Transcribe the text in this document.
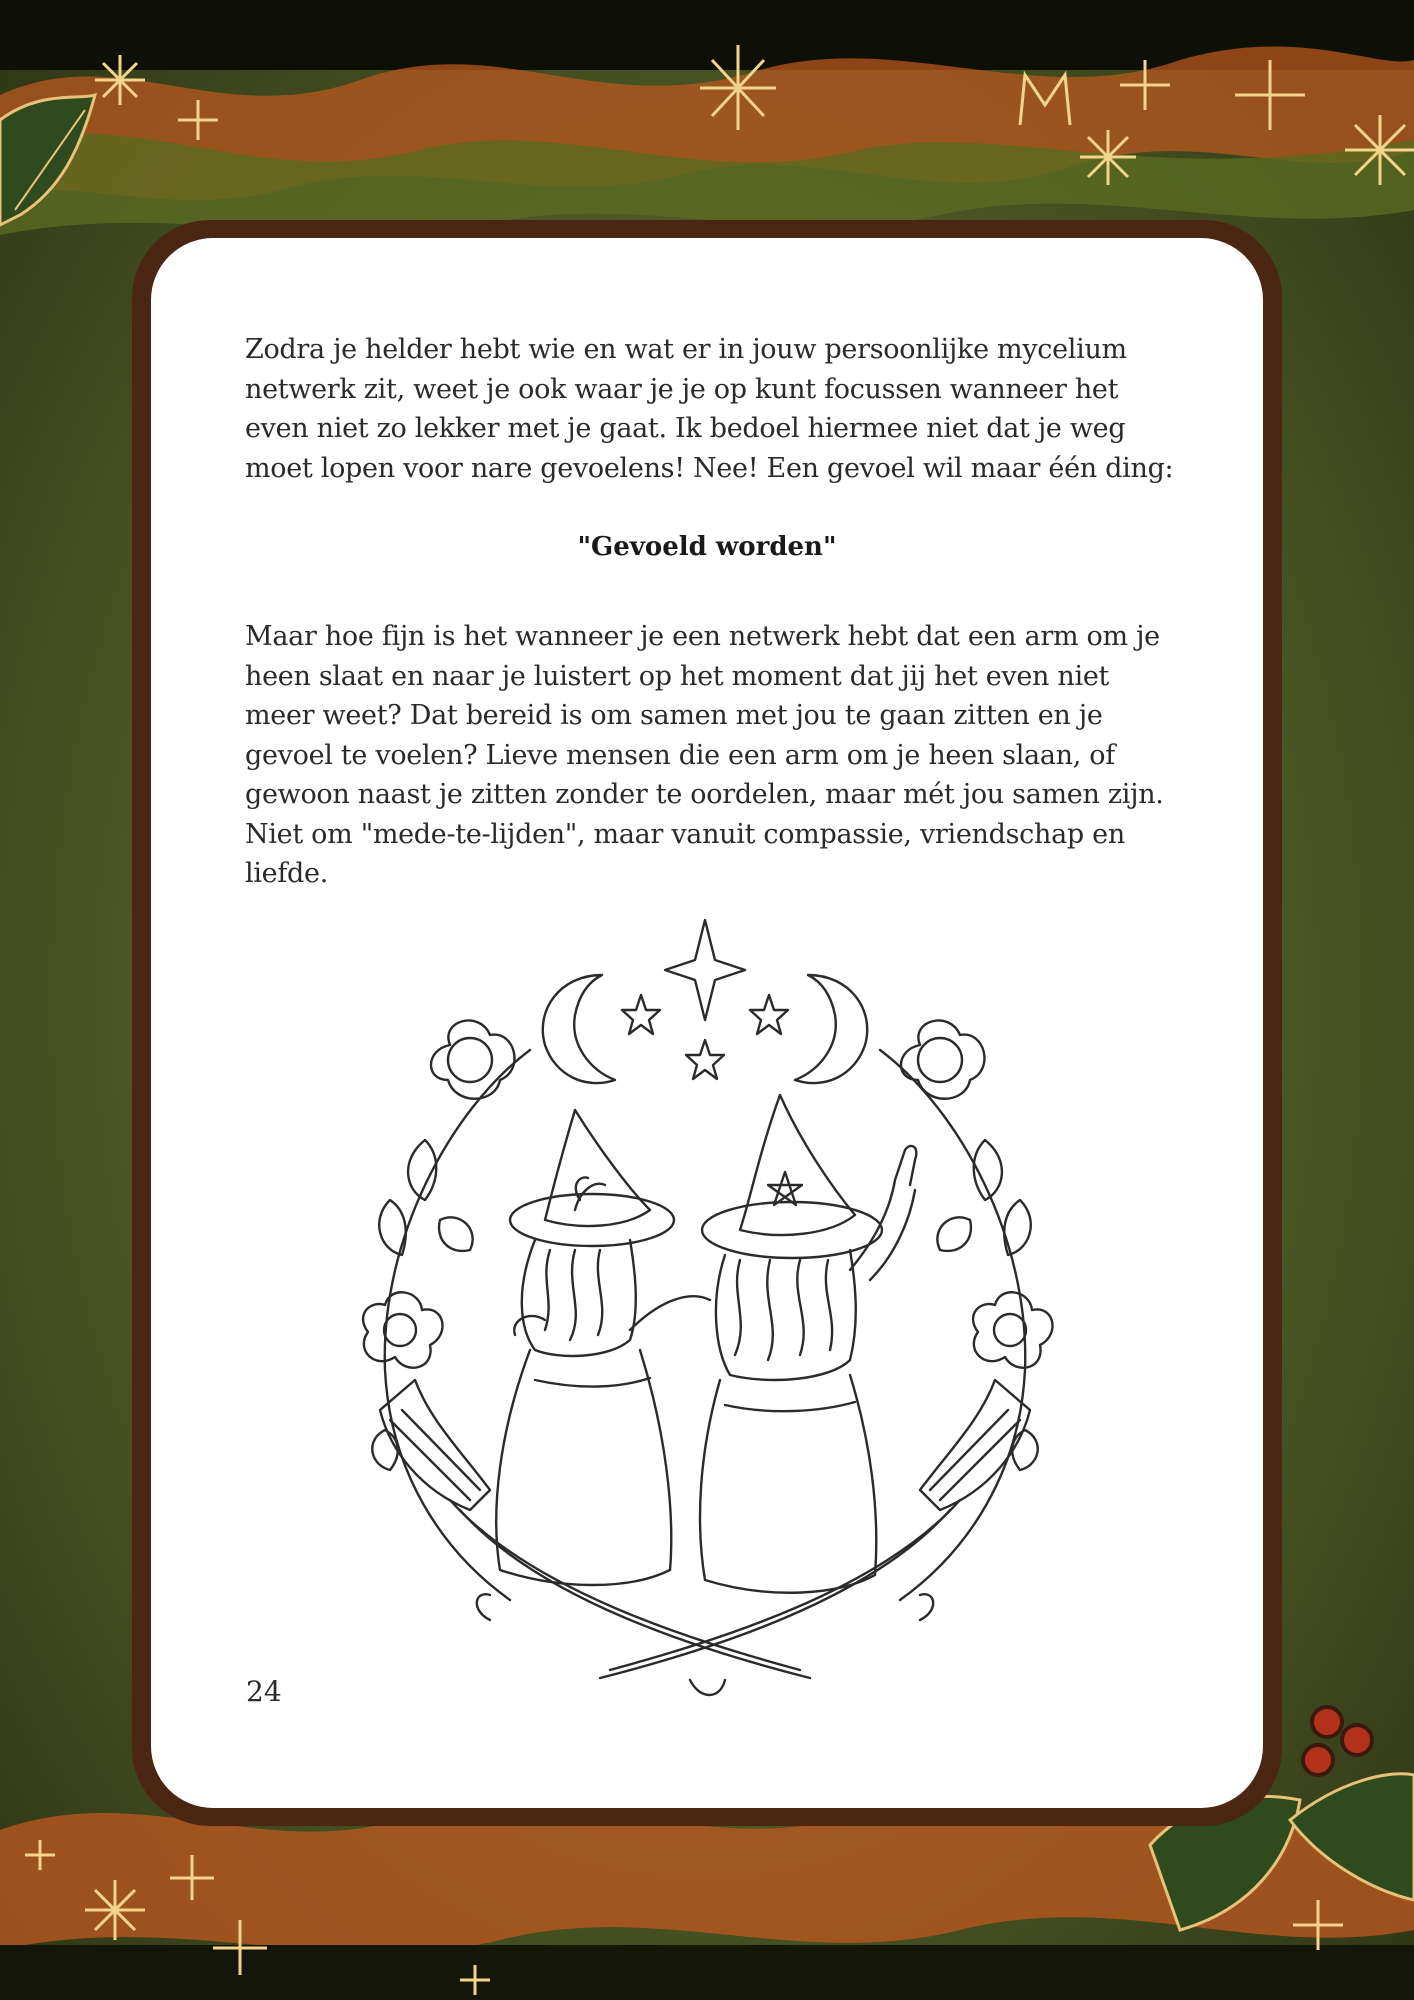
Zodra je helder hebt wie en wat er in jouw persoonlijke mycelium netwerk zit, weet je ook waar je je op kunt focussen wanneer het even niet zo lekker met je gaat. Ik bedoel hiermee niet dat je weg moet lopen voor nare gevoelens! Nee! Een gevoel wil maar één ding:

"Gevoeld worden"

Maar hoe fijn is het wanneer je een netwerk hebt dat een arm om je heen slaat en naar je luistert op het moment dat jij het even niet meer weet? Dat bereid is om samen met jou te gaan zitten en je gevoel te voelen? Lieve mensen die een arm om je heen slaan, of gewoon naast je zitten zonder te oordelen, maar mét jou samen zijn. Niet om "mede-te-lijden", maar vanuit compassie, vriendschap en liefde.

24
